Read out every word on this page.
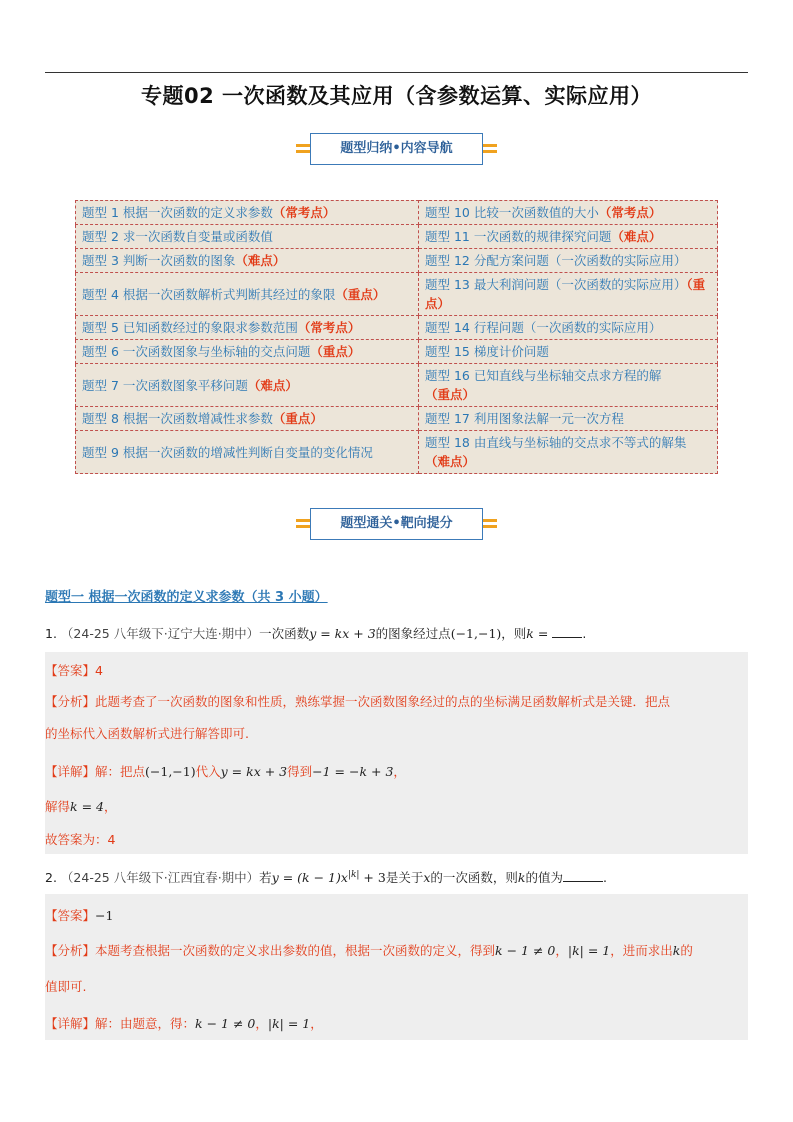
专题02 一次函数及其应用（含参数运算、实际应用）
题型归纳•内容导航
题型 1 根据一次函数的定义求参数（常考点）	题型 10 比较一次函数值的大小（常考点）
题型 2 求一次函数自变量或函数值	题型 11 一次函数的规律探究问题（难点）
题型 3 判断一次函数的图象（难点）	题型 12 分配方案问题（一次函数的实际应用）
题型 4 根据一次函数解析式判断其经过的象限（重点）	题型 13 最大利润问题（一次函数的实际应用）（重点）
题型 5 已知函数经过的象限求参数范围（常考点）	题型 14 行程问题（一次函数的实际应用）
题型 6 一次函数图象与坐标轴的交点问题（重点）	题型 15 梯度计价问题
题型 7 一次函数图象平移问题（难点）	题型 16 已知直线与坐标轴交点求方程的解（重点）
题型 8 根据一次函数增减性求参数（重点）	题型 17 利用图象法解一元一次方程
题型 9 根据一次函数的增减性判断自变量的变化情况	题型 18 由直线与坐标轴的交点求不等式的解集（难点）
题型通关•靶向提分
题型一 根据一次函数的定义求参数（共 3 小题）
1. （24-25 八年级下·辽宁大连·期中）一次函数y = kx + 3的图象经过点(−1,−1)，则k =	.
【答案】4
【分析】此题考查了一次函数的图象和性质，熟练掌握一次函数图象经过的点的坐标满足函数解析式是关键．把点
的坐标代入函数解析式进行解答即可.
【详解】解：把点(−1,−1)代入y = kx + 3得到−1 = −k + 3，
解得k = 4，
故答案为：4
2. （24-25 八年级下·江西宜春·期中）若$y = (k - 1)x^{|k|} + 3$是关于x的一次函数，则k的值为	.
【答案】−1
【分析】本题考查根据一次函数的定义求出参数的值，根据一次函数的定义，得到k − 1 ≠ 0，|k| = 1，进而求出k的
值即可.
【详解】解：由题意，得：k − 1 ≠ 0，|k| = 1，
